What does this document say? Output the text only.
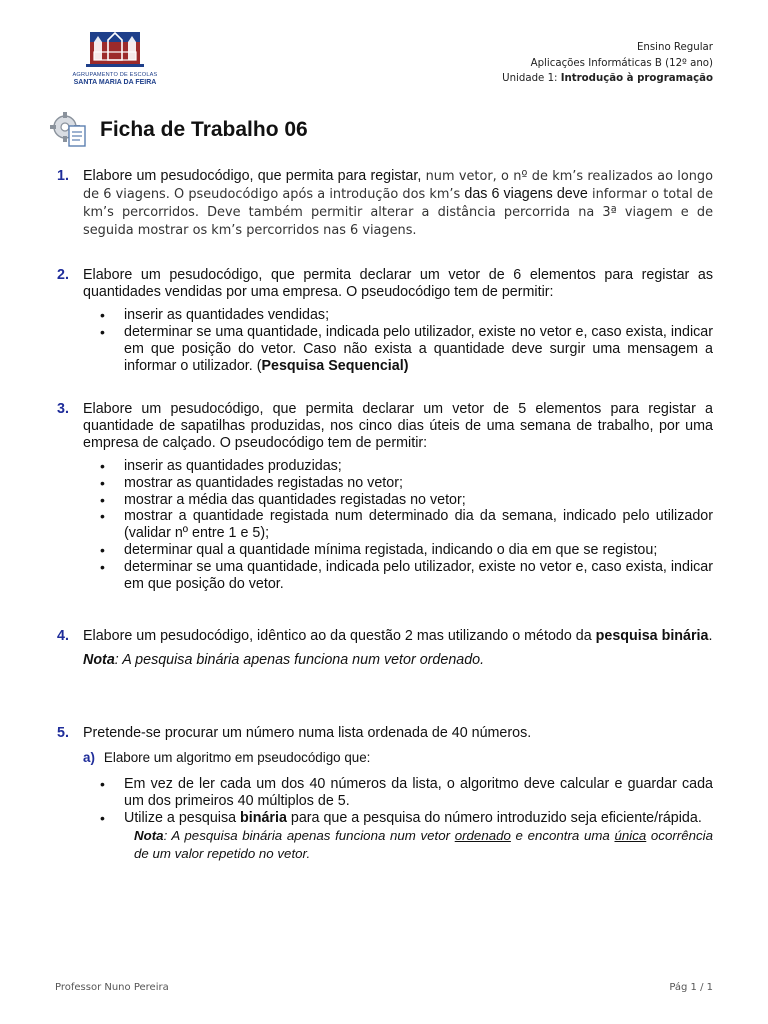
AGRUPAMENTO DE ESCOLAS
SANTA MARIA DA FEIRA
Ensino Regular
Aplicações Informáticas B (12º ano)
Unidade 1: Introdução à programação
Ficha de Trabalho 06
1. Elabore um pesudocódigo, que permita para registar, num vetor, o nº de km’s realizados ao longo de 6 viagens. O pseudocódigo após a introdução dos km’s das 6 viagens deve informar o total de km’s percorridos. Deve também permitir alterar a distância percorrida na 3ª viagem e de seguida mostrar os km’s percorridos nas 6 viagens.
2. Elabore um pesudocódigo, que permita declarar um vetor de 6 elementos para registar as quantidades vendidas por uma empresa. O pseudocódigo tem de permitir:
• inserir as quantidades vendidas;
• determinar se uma quantidade, indicada pelo utilizador, existe no vetor e, caso exista, indicar em que posição do vetor. Caso não exista a quantidade deve surgir uma mensagem a informar o utilizador. (Pesquisa Sequencial)
3. Elabore um pesudocódigo, que permita declarar um vetor de 5 elementos para registar a quantidade de sapatilhas produzidas, nos cinco dias úteis de uma semana de trabalho, por uma empresa de calçado. O pseudocódigo tem de permitir:
• inserir as quantidades produzidas;
• mostrar as quantidades registadas no vetor;
• mostrar a média das quantidades registadas no vetor;
• mostrar a quantidade registada num determinado dia da semana, indicado pelo utilizador (validar nº entre 1 e 5);
• determinar qual a quantidade mínima registada, indicando o dia em que se registou;
• determinar se uma quantidade, indicada pelo utilizador, existe no vetor e, caso exista, indicar em que posição do vetor.
4. Elabore um pesudocódigo, idêntico ao da questão 2 mas utilizando o método da pesquisa binária.
Nota: A pesquisa binária apenas funciona num vetor ordenado.
5. Pretende-se procurar um número numa lista ordenada de 40 números.
a) Elabore um algoritmo em pseudocódigo que:
• Em vez de ler cada um dos 40 números da lista, o algoritmo deve calcular e guardar cada um dos primeiros 40 múltiplos de 5.
• Utilize a pesquisa binária para que a pesquisa do número introduzido seja eficiente/rápida.
Nota: A pesquisa binária apenas funciona num vetor ordenado e encontra uma única ocorrência de um valor repetido no vetor.
Professor Nuno Pereira	Pág 1 / 1
